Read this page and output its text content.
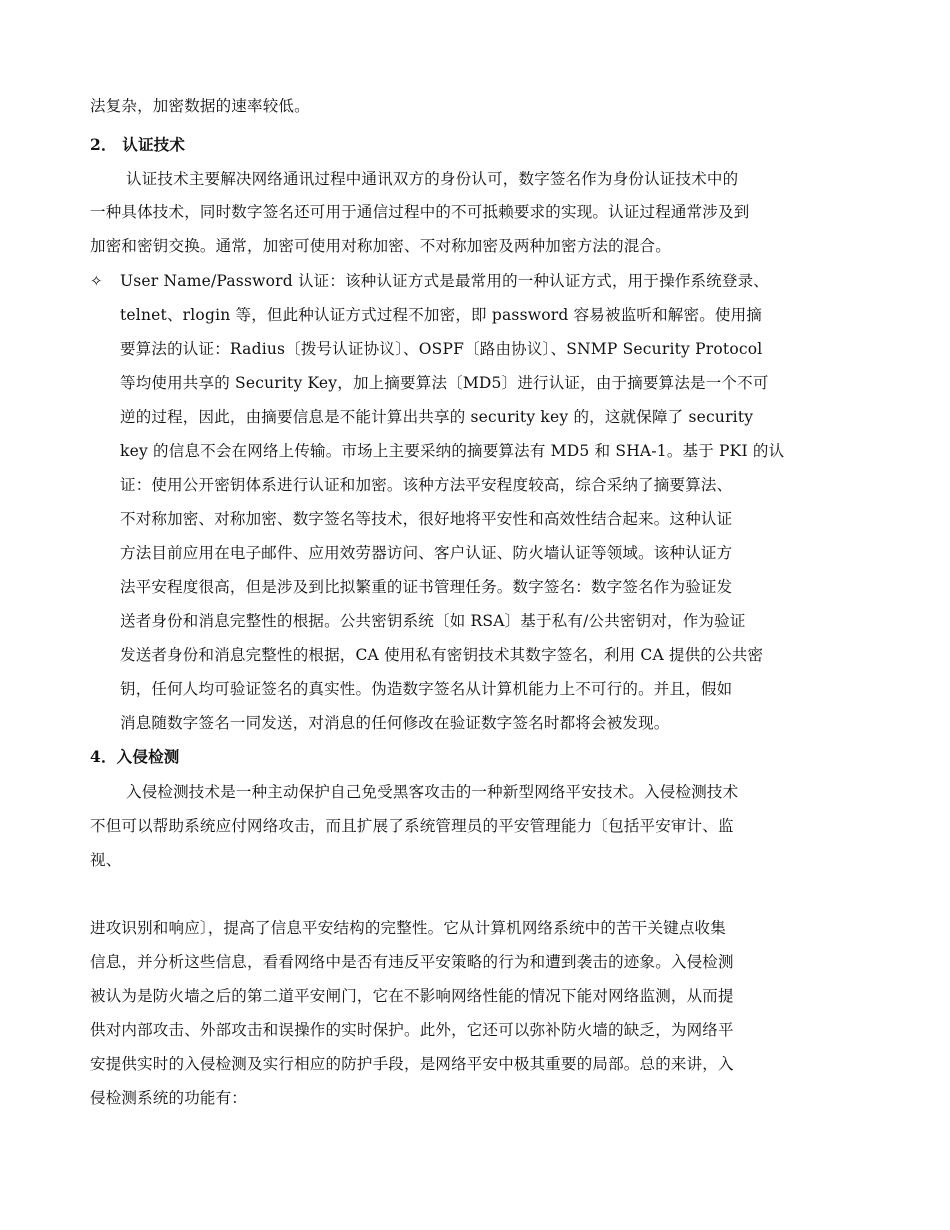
法复杂，加密数据的速率较低。
2． 认证技术
认证技术主要解决网络通讯过程中通讯双方的身份认可，数字签名作为身份认证技术中的
一种具体技术，同时数字签名还可用于通信过程中的不可抵赖要求的实现。认证过程通常涉及到
加密和密钥交换。通常，加密可使用对称加密、不对称加密及两种加密方法的混合。
✧ User Name/Password 认证：该种认证方式是最常用的一种认证方式，用于操作系统登录、
telnet、rlogin 等，但此种认证方式过程不加密，即 password 容易被监听和解密。使用摘
要算法的认证：Radius〔拨号认证协议〕、OSPF〔路由协议〕、SNMP Security Protocol
等均使用共享的 Security Key，加上摘要算法〔MD5〕进行认证，由于摘要算法是一个不可
逆的过程，因此，由摘要信息是不能计算出共享的 security key 的，这就保障了 security
key 的信息不会在网络上传输。市场上主要采纳的摘要算法有 MD5 和 SHA-1。基于 PKI 的认
证：使用公开密钥体系进行认证和加密。该种方法平安程度较高，综合采纳了摘要算法、
不对称加密、对称加密、数字签名等技术，很好地将平安性和高效性结合起来。这种认证
方法目前应用在电子邮件、应用效劳器访问、客户认证、防火墙认证等领域。该种认证方
法平安程度很高，但是涉及到比拟繁重的证书管理任务。数字签名：数字签名作为验证发
送者身份和消息完整性的根据。公共密钥系统〔如 RSA〕基于私有/公共密钥对，作为验证
发送者身份和消息完整性的根据，CA 使用私有密钥技术其数字签名，利用 CA 提供的公共密
钥，任何人均可验证签名的真实性。伪造数字签名从计算机能力上不可行的。并且，假如
消息随数字签名一同发送，对消息的任何修改在验证数字签名时都将会被发现。
4．入侵检测
入侵检测技术是一种主动保护自己免受黑客攻击的一种新型网络平安技术。入侵检测技术
不但可以帮助系统应付网络攻击，而且扩展了系统管理员的平安管理能力〔包括平安审计、监
视、
进攻识别和响应〕，提高了信息平安结构的完整性。它从计算机网络系统中的苦干关键点收集
信息，并分析这些信息，看看网络中是否有违反平安策略的行为和遭到袭击的迹象。入侵检测
被认为是防火墙之后的第二道平安闸门，它在不影响网络性能的情况下能对网络监测，从而提
供对内部攻击、外部攻击和误操作的实时保护。此外，它还可以弥补防火墙的缺乏，为网络平
安提供实时的入侵检测及实行相应的防护手段，是网络平安中极其重要的局部。总的来讲，入
侵检测系统的功能有：
